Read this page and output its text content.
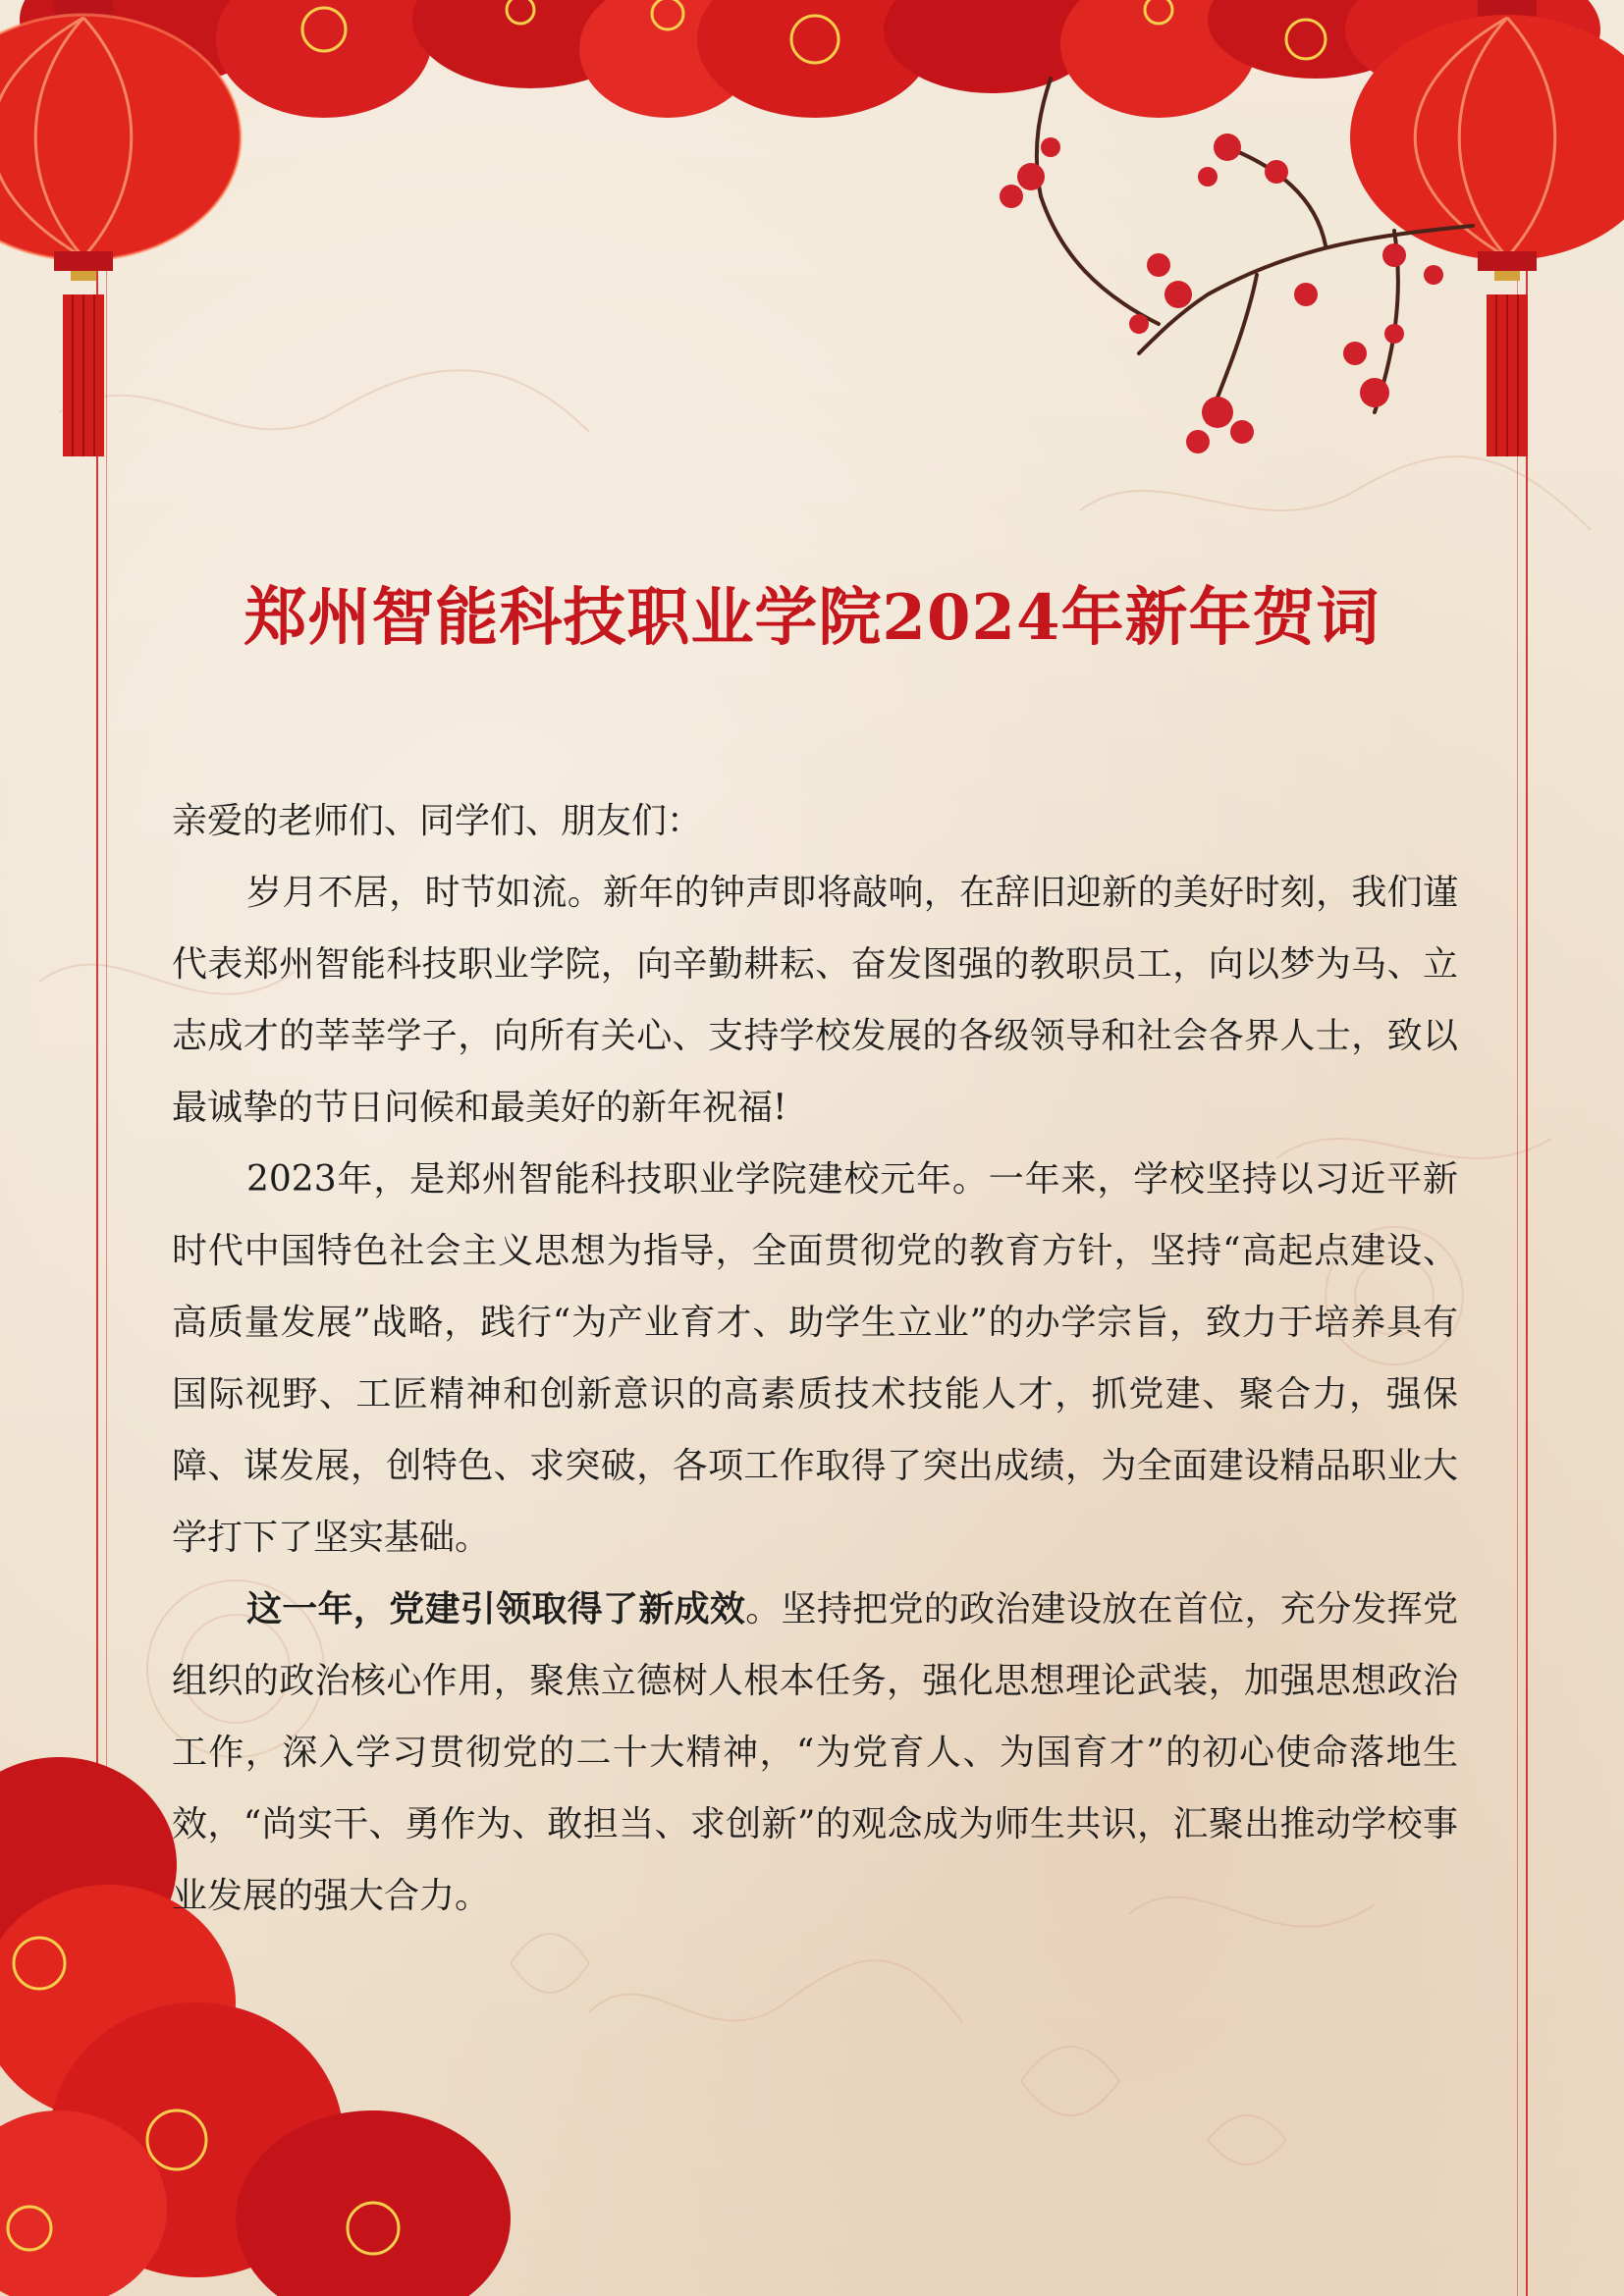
郑州智能科技职业学院2024年新年贺词

亲爱的老师们、同学们、朋友们：

岁月不居，时节如流。新年的钟声即将敲响，在辞旧迎新的美好时刻，我们谨代表郑州智能科技职业学院，向辛勤耕耘、奋发图强的教职员工，向以梦为马、立志成才的莘莘学子，向所有关心、支持学校发展的各级领导和社会各界人士，致以最诚挚的节日问候和最美好的新年祝福!

2023年，是郑州智能科技职业学院建校元年。一年来，学校坚持以习近平新时代中国特色社会主义思想为指导，全面贯彻党的教育方针，坚持“高起点建设、高质量发展”战略，践行“为产业育才、助学生立业”的办学宗旨，致力于培养具有国际视野、工匠精神和创新意识的高素质技术技能人才，抓党建、聚合力，强保障、谋发展，创特色、求突破，各项工作取得了突出成绩，为全面建设精品职业大学打下了坚实基础。

这一年，党建引领取得了新成效。坚持把党的政治建设放在首位，充分发挥党组织的政治核心作用，聚焦立德树人根本任务，强化思想理论武装，加强思想政治工作，深入学习贯彻党的二十大精神，“为党育人、为国育才”的初心使命落地生效，“尚实干、勇作为、敢担当、求创新”的观念成为师生共识，汇聚出推动学校事业发展的强大合力。
